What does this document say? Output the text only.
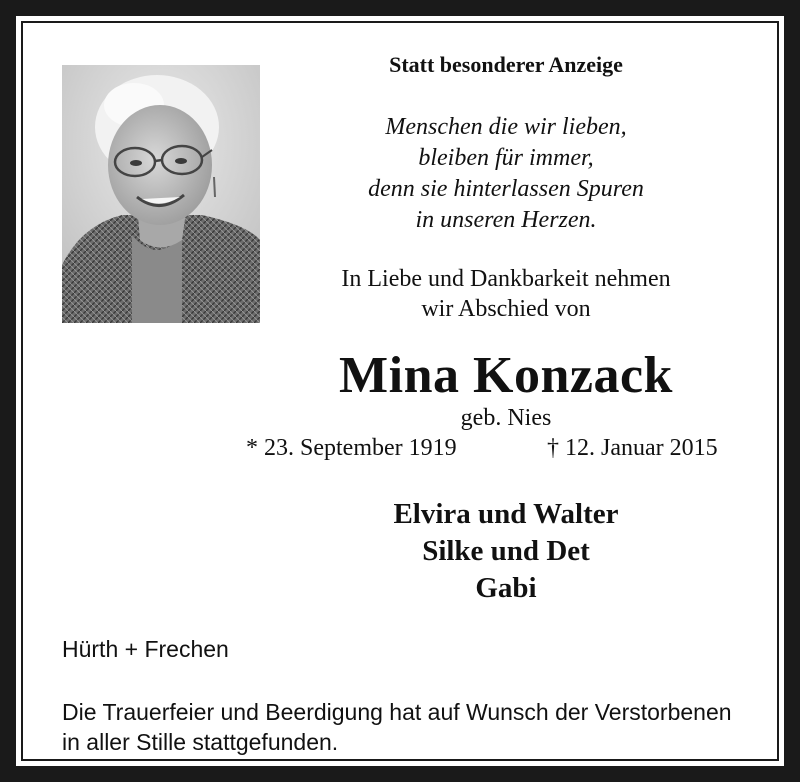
Statt besonderer Anzeige
Menschen die wir lieben,
bleiben für immer,
denn sie hinterlassen Spuren
in unseren Herzen.
In Liebe und Dankbarkeit nehmen
wir Abschied von
Mina Konzack
geb. Nies
* 23. September 1919	† 12. Januar 2015
Elvira und Walter
Silke und Det
Gabi
Hürth + Frechen
Die Trauerfeier und Beerdigung hat auf Wunsch der Verstorbenen
in aller Stille stattgefunden.
